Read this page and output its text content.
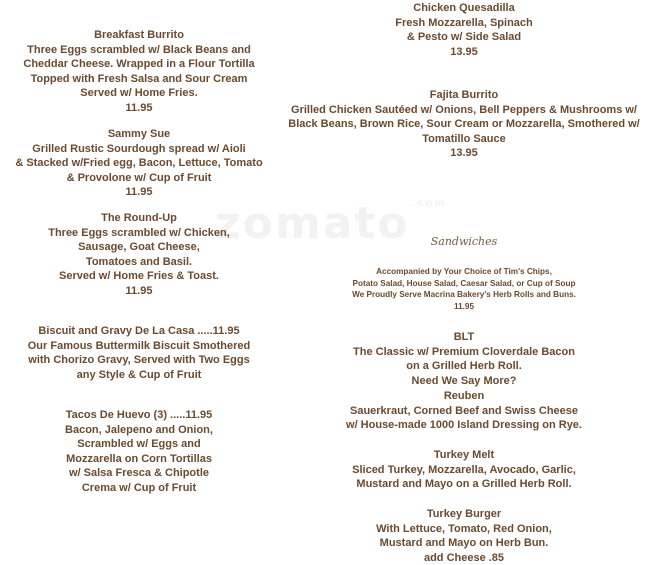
zomato $^{.com}$
Breakfast Burrito
Three Eggs scrambled w/ Black Beans and
Cheddar Cheese. Wrapped in a Flour Tortilla
Topped with Fresh Salsa and Sour Cream
Served w/ Home Fries.
11.95
Sammy Sue
Grilled Rustic Sourdough spread w/ Aioli
& Stacked w/Fried egg, Bacon, Lettuce, Tomato
& Provolone w/ Cup of Fruit
11.95
The Round-Up
Three Eggs scrambled w/ Chicken,
Sausage, Goat Cheese,
Tomatoes and Basil.
Served w/ Home Fries & Toast.
11.95
Biscuit and Gravy De La Casa .....11.95
Our Famous Buttermilk Biscuit Smothered
with Chorizo Gravy, Served with Two Eggs
any Style & Cup of Fruit
Tacos De Huevo (3) .....11.95
Bacon, Jalepeno and Onion,
Scrambled w/ Eggs and
Mozzarella on Corn Tortillas
w/ Salsa Fresca & Chipotle
Crema w/ Cup of Fruit
Chicken Quesadilla
Fresh Mozzarella, Spinach
& Pesto w/ Side Salad
13.95
Fajita Burrito
Grilled Chicken Sautéed w/ Onions, Bell Peppers & Mushrooms w/
Black Beans, Brown Rice, Sour Cream or Mozzarella, Smothered w/
Tomatillo Sauce
13.95
Sandwiches
Accompanied by Your Choice of Tim's Chips,
Potato Salad, House Salad, Caesar Salad, or Cup of Soup
We Proudly Serve Macrina Bakery's Herb Rolls and Buns.
11.95
BLT
The Classic w/ Premium Cloverdale Bacon
on a Grilled Herb Roll.
Need We Say More?
Reuben
Sauerkraut, Corned Beef and Swiss Cheese
w/ House-made 1000 Island Dressing on Rye.
Turkey Melt
Sliced Turkey, Mozzarella, Avocado, Garlic,
Mustard and Mayo on a Grilled Herb Roll.
Turkey Burger
With Lettuce, Tomato, Red Onion,
Mustard and Mayo on Herb Bun.
add Cheese .85
